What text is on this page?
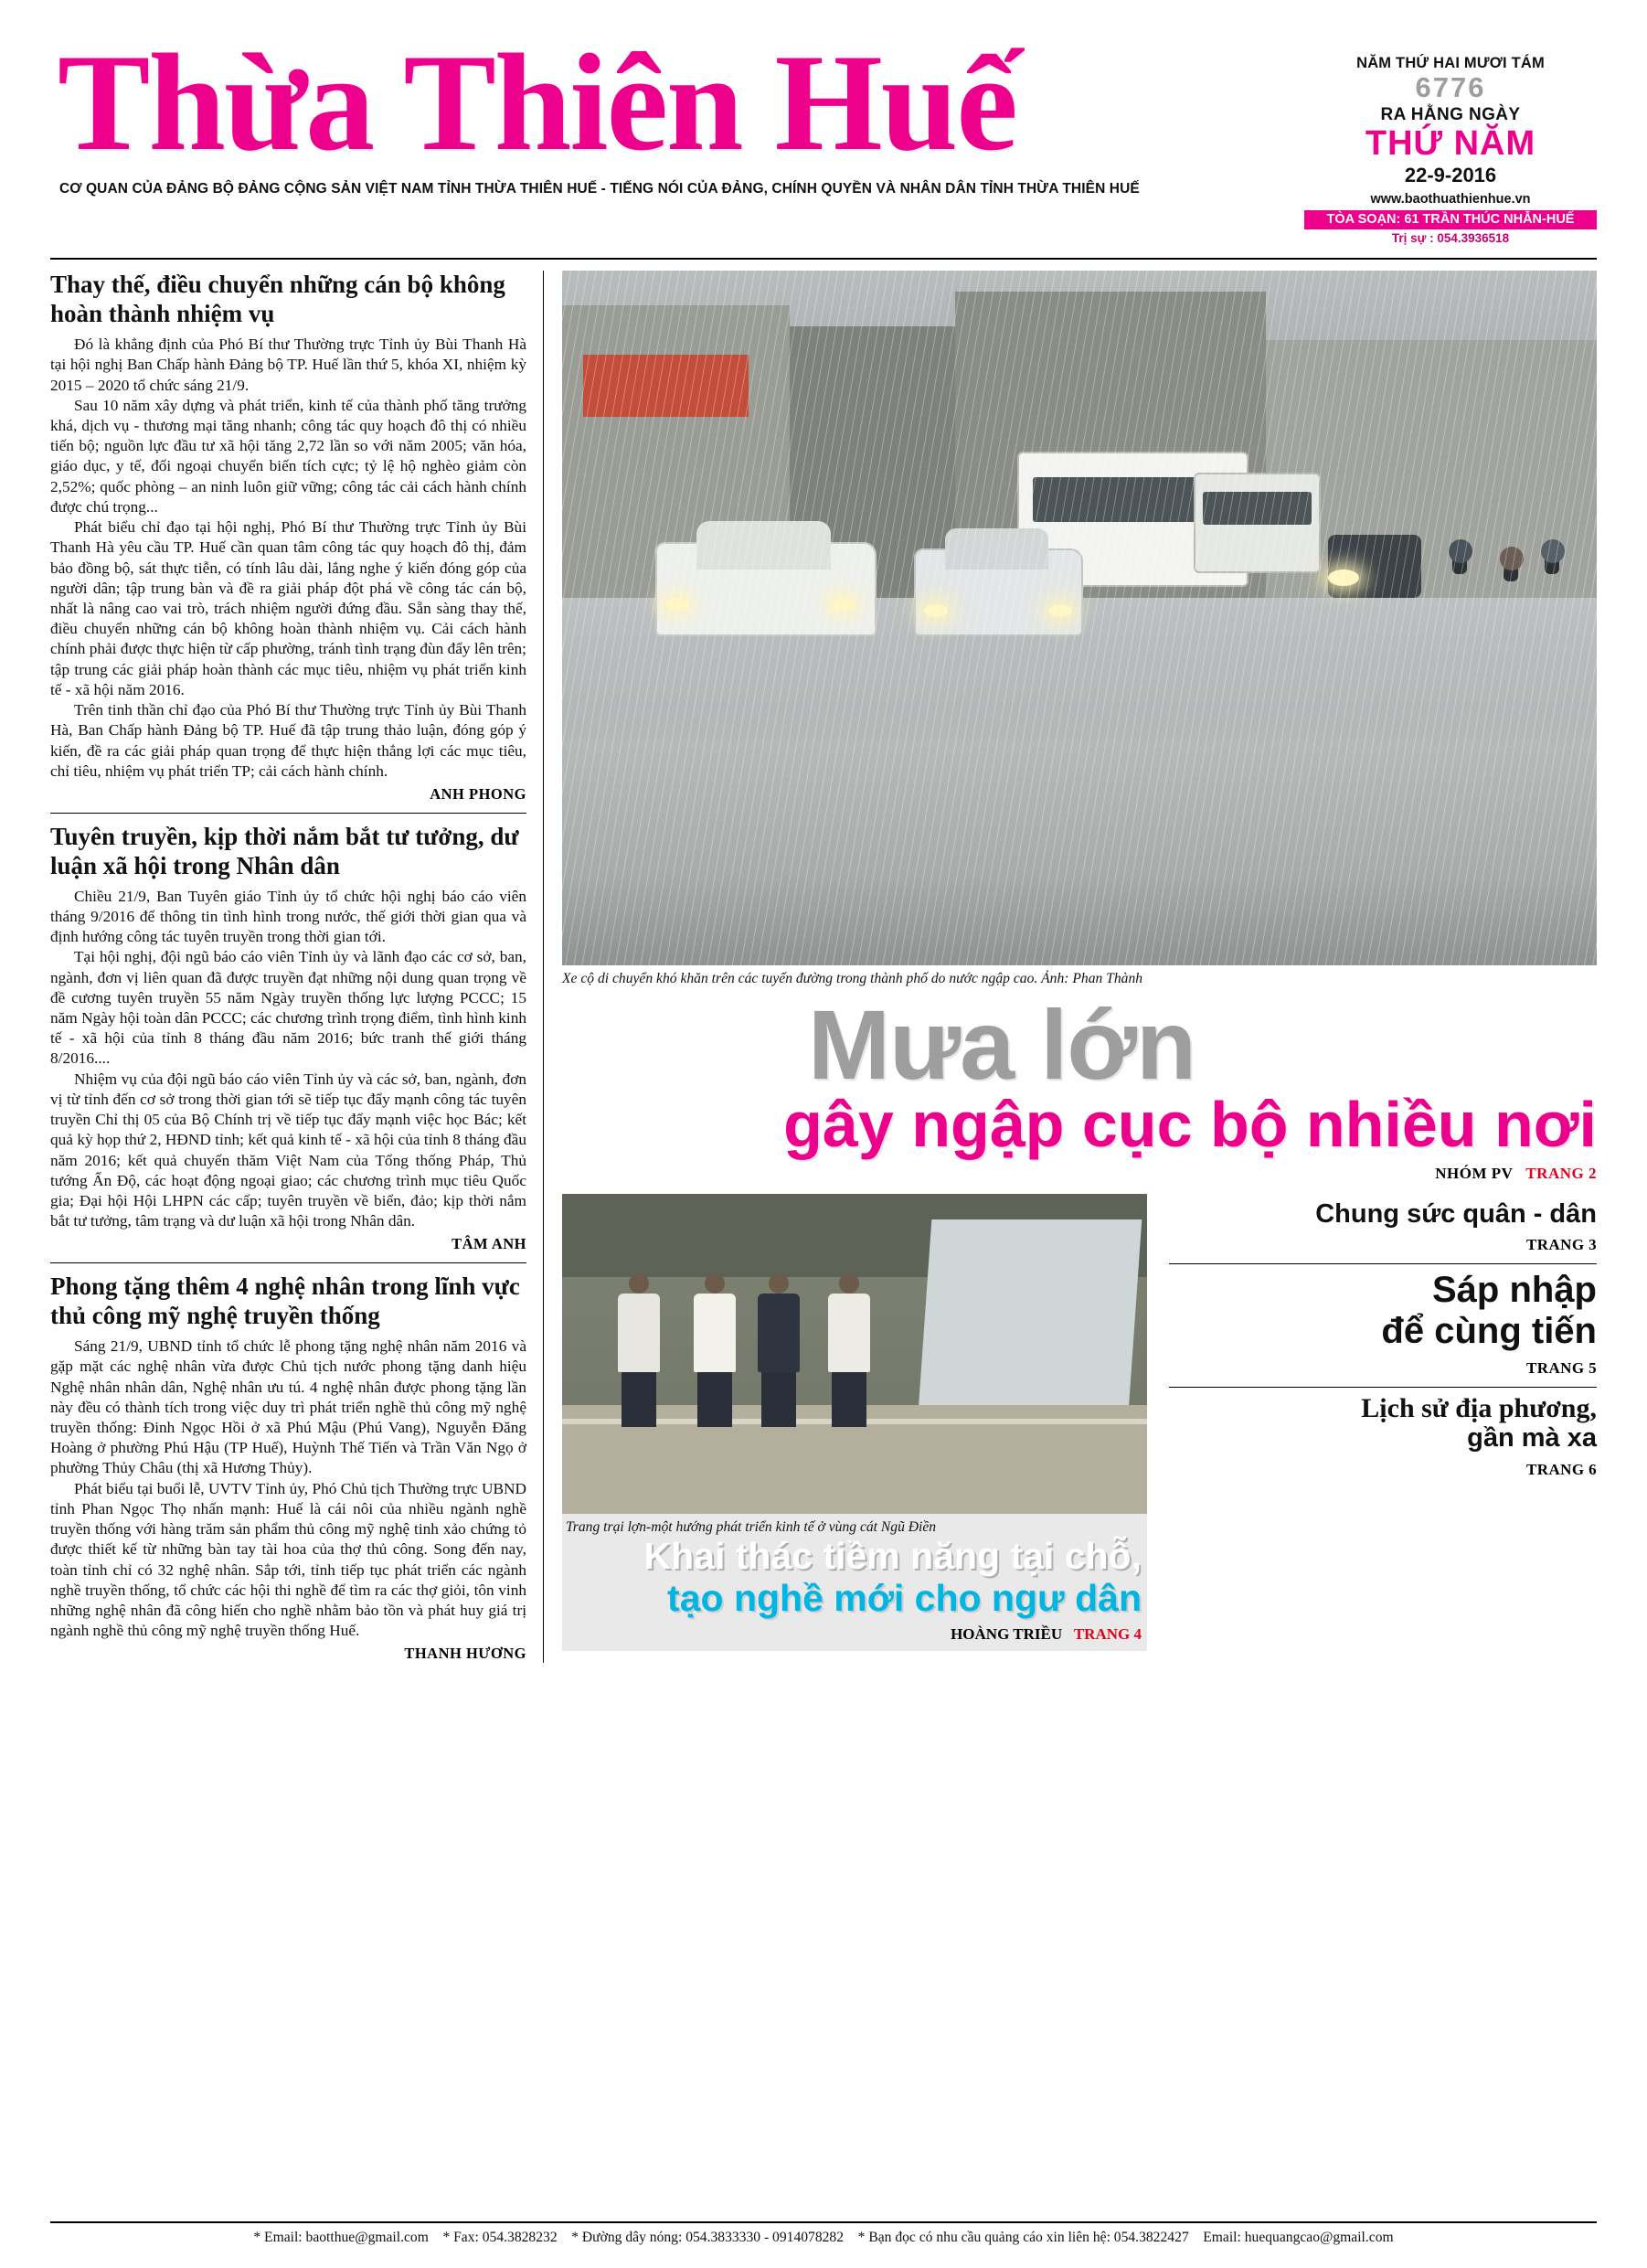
Thừa Thiên Huế
CƠ QUAN CỦA ĐẢNG BỘ ĐẢNG CỘNG SẢN VIỆT NAM TỈNH THỪA THIÊN HUẾ - TIẾNG NÓI CỦA ĐẢNG, CHÍNH QUYỀN VÀ NHÂN DÂN TỈNH THỪA THIÊN HUẾ
NĂM THỨ HAI MƯƠI TÁM
6776
RA HẰNG NGÀY
THỨ NĂM
22-9-2016
www.baothuathienhue.vn
TÒA SOẠN: 61 TRẦN THÚC NHẪN-HUẾ
Trị sự : 054.3936518
Thay thế, điều chuyển những cán bộ không hoàn thành nhiệm vụ

Đó là khẳng định của Phó Bí thư Thường trực Tỉnh ủy Bùi Thanh Hà tại hội nghị Ban Chấp hành Đảng bộ TP. Huế lần thứ 5, khóa XI, nhiệm kỳ 2015 – 2020 tổ chức sáng 21/9.

Sau 10 năm xây dựng và phát triển, kinh tế của thành phố tăng trưởng khá, dịch vụ - thương mại tăng nhanh; công tác quy hoạch đô thị có nhiều tiến bộ; nguồn lực đầu tư xã hội tăng 2,72 lần so với năm 2005; văn hóa, giáo dục, y tế, đối ngoại chuyển biến tích cực; tỷ lệ hộ nghèo giảm còn 2,52%; quốc phòng – an ninh luôn giữ vững; công tác cải cách hành chính được chú trọng...

Phát biểu chỉ đạo tại hội nghị, Phó Bí thư Thường trực Tỉnh ủy Bùi Thanh Hà yêu cầu TP. Huế cần quan tâm công tác quy hoạch đô thị, đảm bảo đồng bộ, sát thực tiễn, có tính lâu dài, lắng nghe ý kiến đóng góp của người dân; tập trung bàn và đề ra giải pháp đột phá về công tác cán bộ, nhất là nâng cao vai trò, trách nhiệm người đứng đầu. Sẵn sàng thay thế, điều chuyển những cán bộ không hoàn thành nhiệm vụ. Cải cách hành chính phải được thực hiện từ cấp phường, tránh tình trạng đùn đẩy lên trên; tập trung các giải pháp hoàn thành các mục tiêu, nhiệm vụ phát triển kinh tế - xã hội năm 2016.

Trên tinh thần chỉ đạo của Phó Bí thư Thường trực Tỉnh ủy Bùi Thanh Hà, Ban Chấp hành Đảng bộ TP. Huế đã tập trung thảo luận, đóng góp ý kiến, đề ra các giải pháp quan trọng để thực hiện thắng lợi các mục tiêu, chỉ tiêu, nhiệm vụ phát triển TP; cải cách hành chính.

ANH PHONG
Tuyên truyền, kịp thời nắm bắt tư tưởng, dư luận xã hội trong Nhân dân

Chiều 21/9, Ban Tuyên giáo Tỉnh ủy tổ chức hội nghị báo cáo viên tháng 9/2016 để thông tin tình hình trong nước, thế giới thời gian qua và định hướng công tác tuyên truyền trong thời gian tới.

Tại hội nghị, đội ngũ báo cáo viên Tỉnh ủy và lãnh đạo các cơ sở, ban, ngành, đơn vị liên quan đã được truyền đạt những nội dung quan trọng về đề cương tuyên truyền 55 năm Ngày truyền thống lực lượng PCCC; 15 năm Ngày hội toàn dân PCCC; các chương trình trọng điểm, tình hình kinh tế - xã hội của tỉnh 8 tháng đầu năm 2016; bức tranh thế giới tháng 8/2016....

Nhiệm vụ của đội ngũ báo cáo viên Tỉnh ủy và các sở, ban, ngành, đơn vị từ tỉnh đến cơ sở trong thời gian tới sẽ tiếp tục đẩy mạnh công tác tuyên truyền Chỉ thị 05 của Bộ Chính trị về tiếp tục đẩy mạnh việc học Bác; kết quả kỳ họp thứ 2, HĐND tỉnh; kết quả kinh tế - xã hội của tỉnh 8 tháng đầu năm 2016; kết quả chuyến thăm Việt Nam của Tổng thống Pháp, Thủ tướng Ấn Độ, các hoạt động ngoại giao; các chương trình mục tiêu Quốc gia; Đại hội Hội LHPN các cấp; tuyên truyền về biển, đảo; kịp thời nắm bắt tư tưởng, tâm trạng và dư luận xã hội trong Nhân dân.

TÂM ANH
Phong tặng thêm 4 nghệ nhân trong lĩnh vực thủ công mỹ nghệ truyền thống

Sáng 21/9, UBND tỉnh tổ chức lễ phong tặng nghệ nhân năm 2016 và gặp mặt các nghệ nhân vừa được Chủ tịch nước phong tặng danh hiệu Nghệ nhân nhân dân, Nghệ nhân ưu tú. 4 nghệ nhân được phong tặng lần này đều có thành tích trong việc duy trì phát triển nghề thủ công mỹ nghệ truyền thống: Đinh Ngọc Hồi ở xã Phú Mậu (Phú Vang), Nguyễn Đăng Hoàng ở phường Phú Hậu (TP Huế), Huỳnh Thế Tiến và Trần Văn Ngọ ở phường Thủy Châu (thị xã Hương Thủy).

Phát biểu tại buổi lễ, UVTV Tỉnh ủy, Phó Chủ tịch Thường trực UBND tỉnh Phan Ngọc Thọ nhấn mạnh: Huế là cái nôi của nhiều ngành nghề truyền thống với hàng trăm sản phẩm thủ công mỹ nghệ tinh xảo chứng tỏ được thiết kế từ những bàn tay tài hoa của thợ thủ công. Song đến nay, toàn tỉnh chỉ có 32 nghệ nhân. Sắp tới, tỉnh tiếp tục phát triển các ngành nghề truyền thống, tổ chức các hội thi nghề để tìm ra các thợ giỏi, tôn vinh những nghệ nhân đã công hiến cho nghề nhằm bảo tồn và phát huy giá trị ngành nghề thủ công mỹ nghệ truyền thống Huế.

THANH HƯƠNG
Xe cộ di chuyển khó khăn trên các tuyến đường trong thành phố do nước ngập cao. Ảnh: Phan Thành
Mưa lớn
gây ngập cục bộ nhiều nơi
NHÓM PV TRANG 2
Trang trại lợn-một hướng phát triển kinh tế ở vùng cát Ngũ Điền
Khai thác tiềm năng tại chỗ,
tạo nghề mới cho ngư dân
HOÀNG TRIỀU TRANG 4
Chung sức quân - dân
TRANG 3
Sáp nhập
để cùng tiến
TRANG 5
Lịch sử địa phương,
gần mà xa
TRANG 6
* Email: baotthue@gmail.com * Fax: 054.3828232 * Đường dây nóng: 054.3833330 - 0914078282 * Bạn đọc có nhu cầu quảng cáo xin liên hệ: 054.3822427 Email: huequangcao@gmail.com
